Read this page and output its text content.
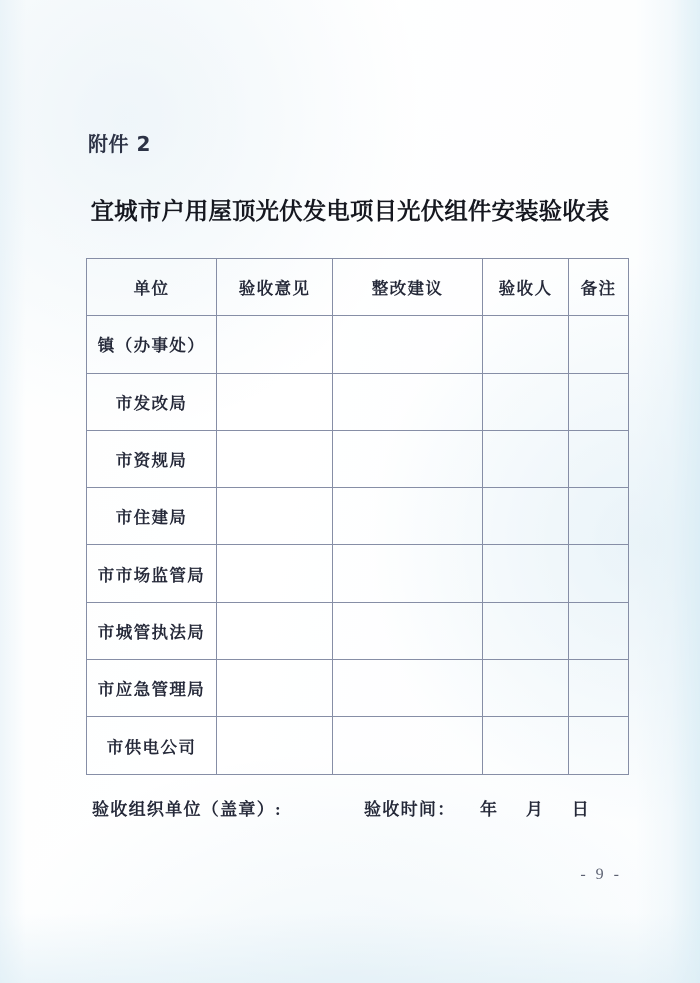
附件 2
宜城市户用屋顶光伏发电项目光伏组件安装验收表
单位	验收意见	整改建议	验收人	备注
镇（办事处）				
市发改局				
市资规局				
市住建局				
市市场监管局				
市城管执法局				
市应急管理局				
市供电公司				
验收组织单位（盖章）:	验收时间： 年 月 日
- 9 -
